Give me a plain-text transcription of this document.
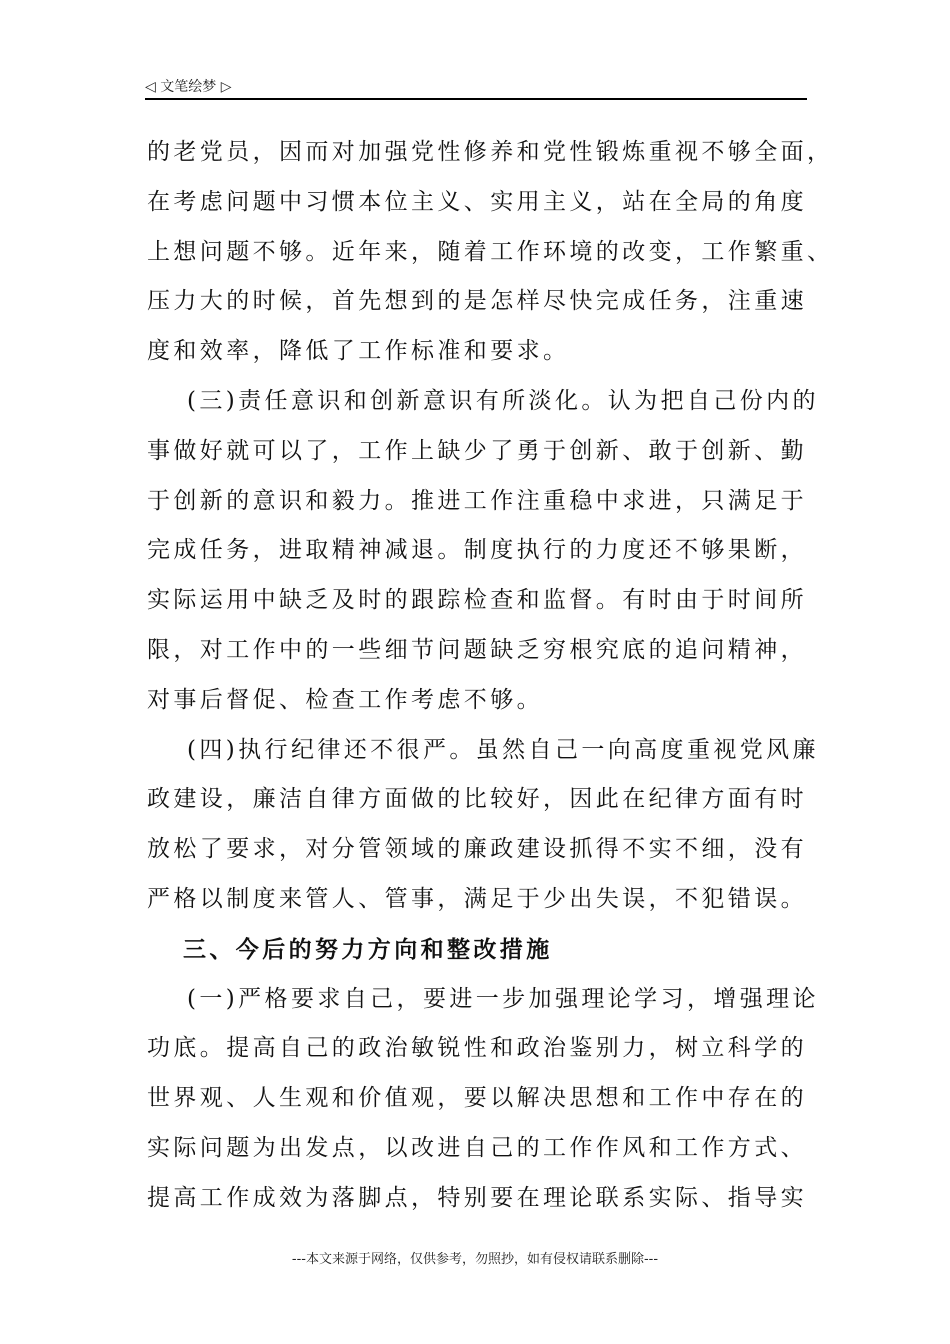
◁ 文笔绘梦 ▷
的老党员，因而对加强党性修养和党性锻炼重视不够全面，
在考虑问题中习惯本位主义、实用主义，站在全局的角度
上想问题不够。近年来，随着工作环境的改变，工作繁重、
压力大的时候，首先想到的是怎样尽快完成任务，注重速
度和效率，降低了工作标准和要求。
(三)责任意识和创新意识有所淡化。认为把自己份内的
事做好就可以了，工作上缺少了勇于创新、敢于创新、勤
于创新的意识和毅力。推进工作注重稳中求进，只满足于
完成任务，进取精神减退。制度执行的力度还不够果断，
实际运用中缺乏及时的跟踪检查和监督。有时由于时间所
限，对工作中的一些细节问题缺乏穷根究底的追问精神，
对事后督促、检查工作考虑不够。
(四)执行纪律还不很严。虽然自己一向高度重视党风廉
政建设，廉洁自律方面做的比较好，因此在纪律方面有时
放松了要求，对分管领域的廉政建设抓得不实不细，没有
严格以制度来管人、管事，满足于少出失误，不犯错误。
三、今后的努力方向和整改措施
(一)严格要求自己，要进一步加强理论学习，增强理论
功底。提高自己的政治敏锐性和政治鉴别力，树立科学的
世界观、人生观和价值观，要以解决思想和工作中存在的
实际问题为出发点，以改进自己的工作作风和工作方式、
提高工作成效为落脚点，特别要在理论联系实际、指导实
---本文来源于网络，仅供参考，勿照抄，如有侵权请联系删除---
